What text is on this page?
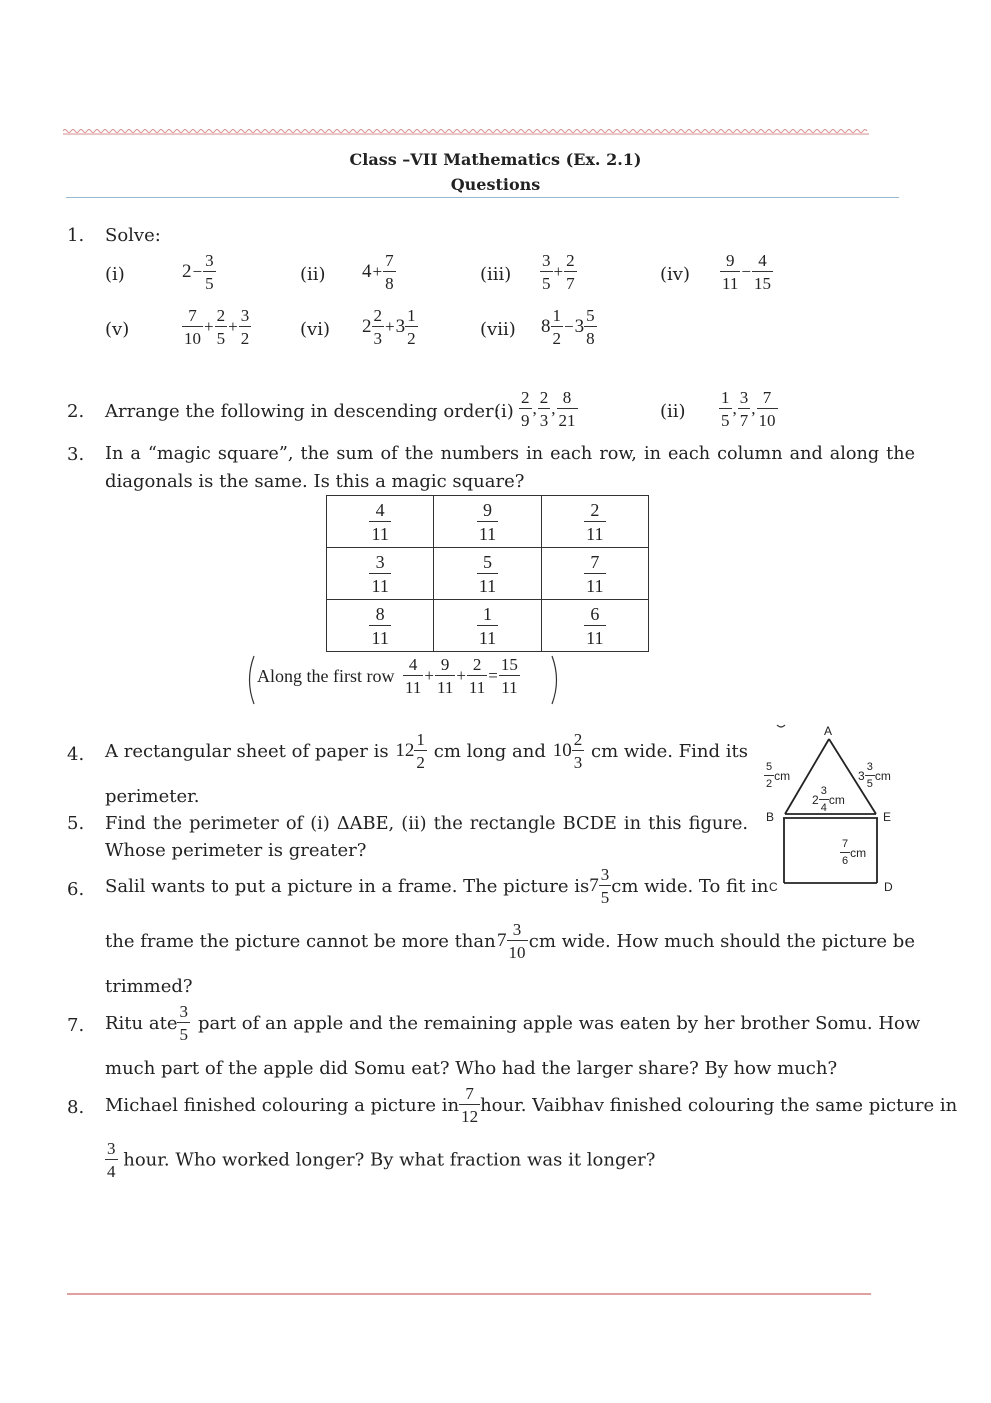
Class –VII Mathematics (Ex. 2.1)
Questions
1. Solve:
(i)	$2- \frac{3}{5}$	(ii) $4+ \frac{7}{8}$	$(iii) \frac{3}{5} + \frac{2}{7}$	$(iv) \frac{9}{11} - \frac{4}{15}$
(v)	$\frac{7}{10} + \frac{2}{5} + \frac{3}{2}$	(vi) $2 \frac{2}{3} +3 \frac{1}{2}$	(vii) $8 \frac{1}{2} -3 \frac{5}{8}$
2. Arrange the following in descending order:
$(i) \frac{2}{9}$ , $\frac{2}{3}$ , $\frac{8}{21}$	$(ii) \frac{1}{5}$ , $\frac{3}{7}$ , $\frac{7}{10}$
3. In a “magic square”, the sum of the numbers in each row, in each column and along the
diagonals is the same. Is this a magic square?
$\frac{4}{11}$	$\frac{9}{11}$	$\frac{2}{11}$

$\frac{3}{11}$	$\frac{5}{11}$	$\frac{7}{11}$

$\frac{8}{11}$	$\frac{1}{11}$	$\frac{6}{11}$
Along the first row $\frac{4}{11} + \frac{9}{11} + \frac{2}{11} = \frac{15}{11}$
4. A rectangular sheet of paper is $12 \frac{1}{2}$ cm long and $10 \frac{2}{3}$ cm wide. Find its
perimeter.
5. Find the perimeter of (i) ΔABE, (ii) the rectangle BCDE in this figure.
Whose perimeter is greater?
A
B	E
C	D
$\frac{5}{2}$ cm	$3 \frac{3}{5}$ cm
$2 \frac{3}{4}$ cm
$\frac{7}{6}$ cm
6. Salil wants to put a picture in a frame. The picture is $7 \frac{3}{5}$ cm wide. To fit in
the frame the picture cannot be more than $7 \frac{3}{10}$ cm wide. How much should the picture be
trimmed?
7. Ritu ate $\frac{3}{5}$ part of an apple and the remaining apple was eaten by her brother Somu. How
much part of the apple did Somu eat? Who had the larger share? By how much?
8. Michael finished colouring a picture in $\frac{7}{12}$ hour. Vaibhav finished colouring the same picture in
$\frac{3}{4}$ hour. Who worked longer? By what fraction was it longer?
